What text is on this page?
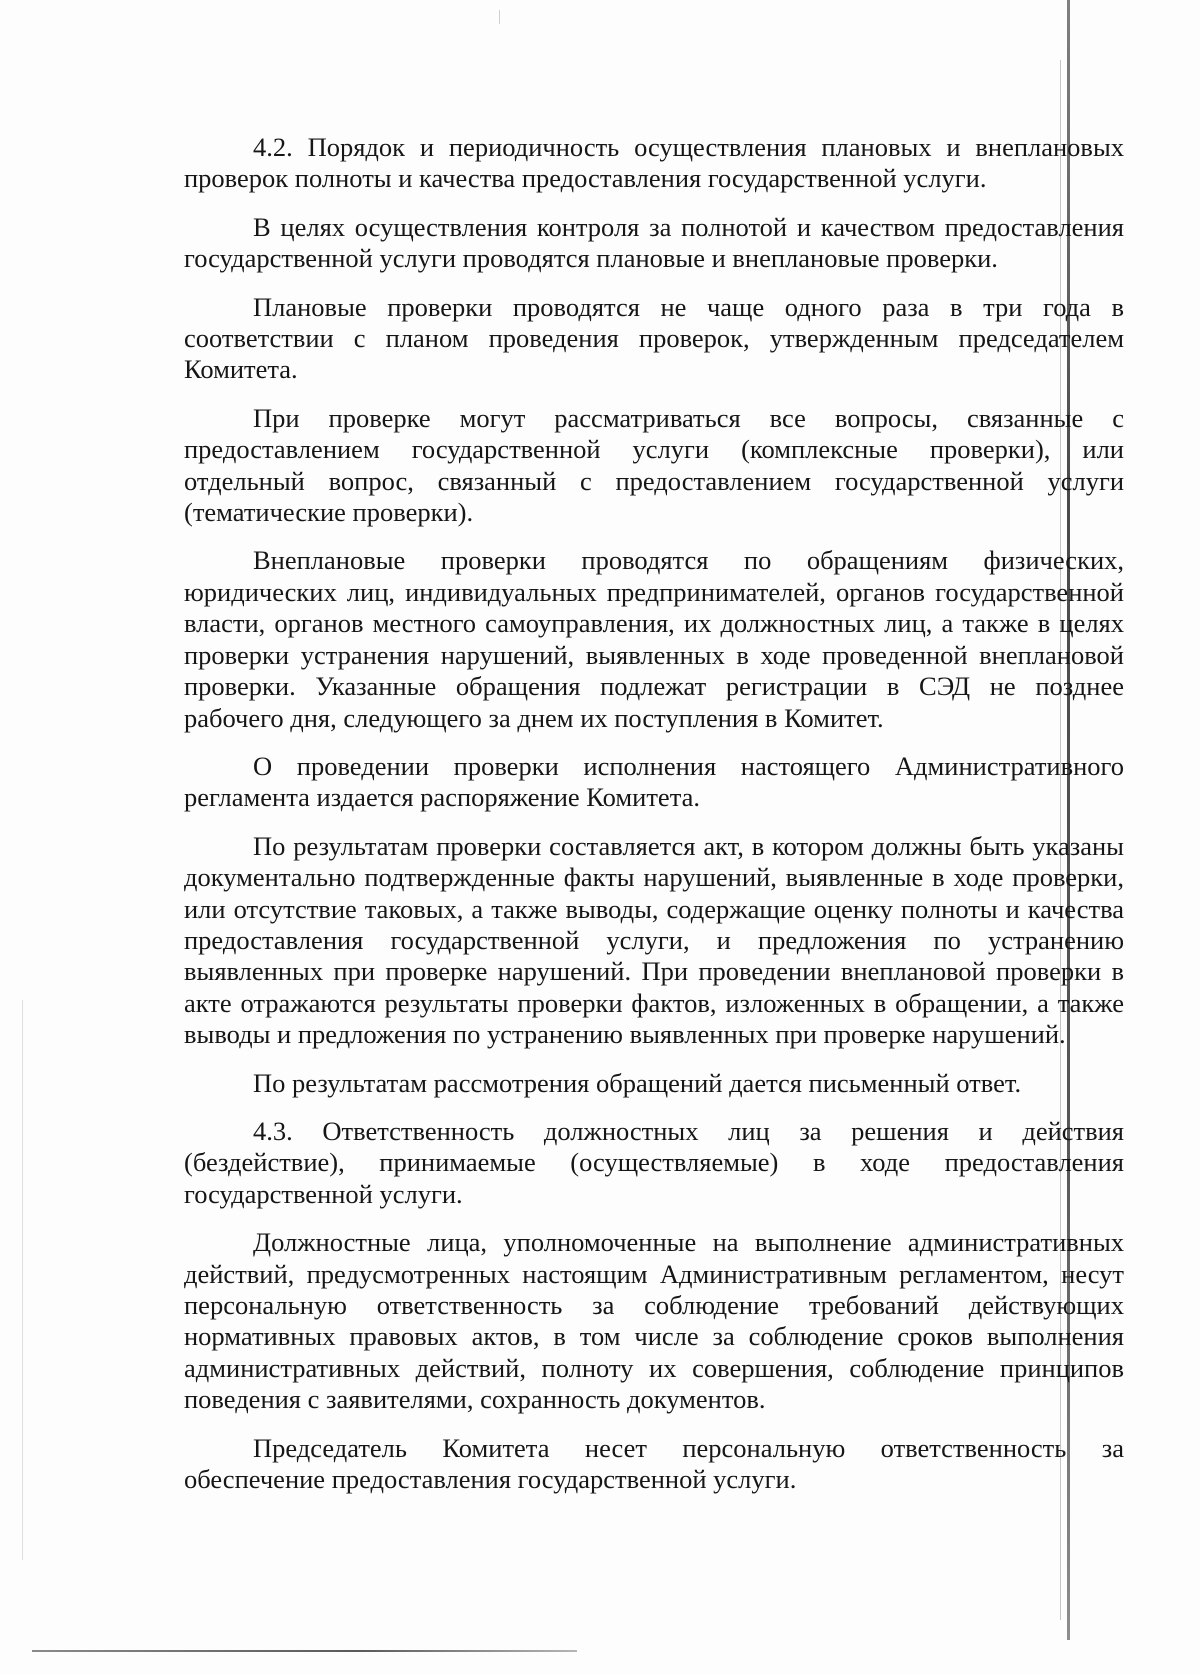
4.2. Порядок и периодичность осуществления плановых и внеплановых проверок полноты и качества предоставления государственной услуги.

В целях осуществления контроля за полнотой и качеством предоставления государственной услуги проводятся плановые и внеплановые проверки.

Плановые проверки проводятся не чаще одного раза в три года в соответствии с планом проведения проверок, утвержденным председателем Комитета.

При проверке могут рассматриваться все вопросы, связанные с предоставлением государственной услуги (комплексные проверки), или отдельный вопрос, связанный с предоставлением государственной услуги (тематические проверки).

Внеплановые проверки проводятся по обращениям физических, юридических лиц, индивидуальных предпринимателей, органов государственной власти, органов местного самоуправления, их должностных лиц, а также в целях проверки устранения нарушений, выявленных в ходе проведенной внеплановой проверки. Указанные обращения подлежат регистрации в СЭД не позднее рабочего дня, следующего за днем их поступления в Комитет.

О проведении проверки исполнения настоящего Административного регламента издается распоряжение Комитета.

По результатам проверки составляется акт, в котором должны быть указаны документально подтвержденные факты нарушений, выявленные в ходе проверки, или отсутствие таковых, а также выводы, содержащие оценку полноты и качества предоставления государственной услуги, и предложения по устранению выявленных при проверке нарушений. При проведении внеплановой проверки в акте отражаются результаты проверки фактов, изложенных в обращении, а также выводы и предложения по устранению выявленных при проверке нарушений.

По результатам рассмотрения обращений дается письменный ответ.

4.3. Ответственность должностных лиц за решения и действия (бездействие), принимаемые (осуществляемые) в ходе предоставления государственной услуги.

Должностные лица, уполномоченные на выполнение административных действий, предусмотренных настоящим Административным регламентом, несут персональную ответственность за соблюдение требований действующих нормативных правовых актов, в том числе за соблюдение сроков выполнения административных действий, полноту их совершения, соблюдение принципов поведения с заявителями, сохранность документов.

Председатель Комитета несет персональную ответственность за обеспечение предоставления государственной услуги.
